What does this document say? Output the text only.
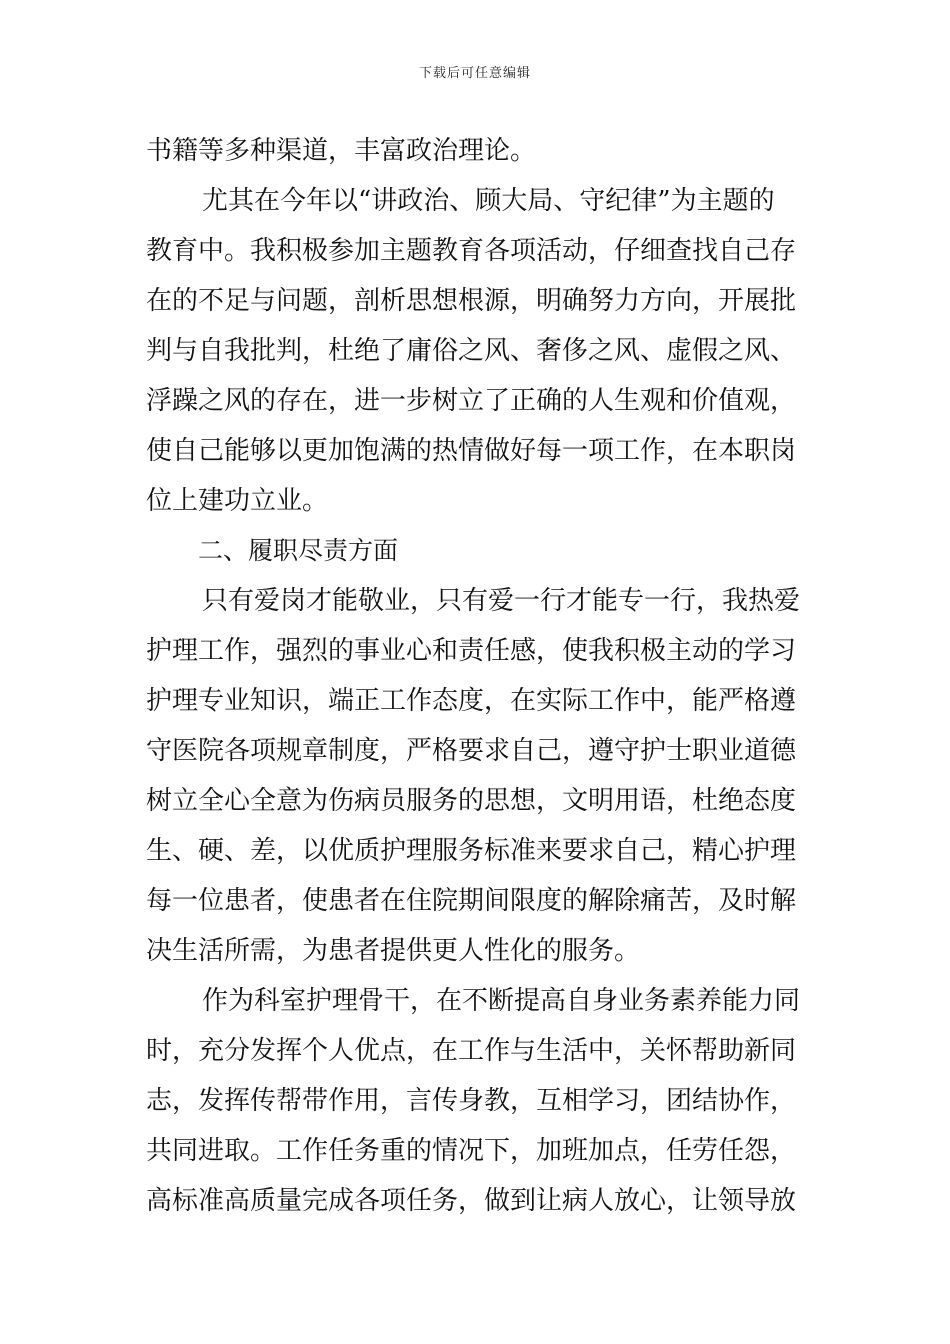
下载后可任意编辑
书籍等多种渠道，丰富政治理论。
尤其在今年以“讲政治、顾大局、守纪律”为主题的
教育中。我积极参加主题教育各项活动，仔细查找自己存
在的不足与问题，剖析思想根源，明确努力方向，开展批
判与自我批判，杜绝了庸俗之风、奢侈之风、虚假之风、
浮躁之风的存在，进一步树立了正确的人生观和价值观，
使自己能够以更加饱满的热情做好每一项工作，在本职岗
位上建功立业。
二、履职尽责方面
只有爱岗才能敬业，只有爱一行才能专一行，我热爱
护理工作，强烈的事业心和责任感，使我积极主动的学习
护理专业知识，端正工作态度，在实际工作中，能严格遵
守医院各项规章制度，严格要求自己，遵守护士职业道德
树立全心全意为伤病员服务的思想，文明用语，杜绝态度
生、硬、差，以优质护理服务标准来要求自己，精心护理
每一位患者，使患者在住院期间限度的解除痛苦，及时解
决生活所需，为患者提供更人性化的服务。
作为科室护理骨干，在不断提高自身业务素养能力同
时，充分发挥个人优点，在工作与生活中，关怀帮助新同
志，发挥传帮带作用，言传身教，互相学习，团结协作，
共同进取。工作任务重的情况下，加班加点，任劳任怨，
高标准高质量完成各项任务，做到让病人放心，让领导放
